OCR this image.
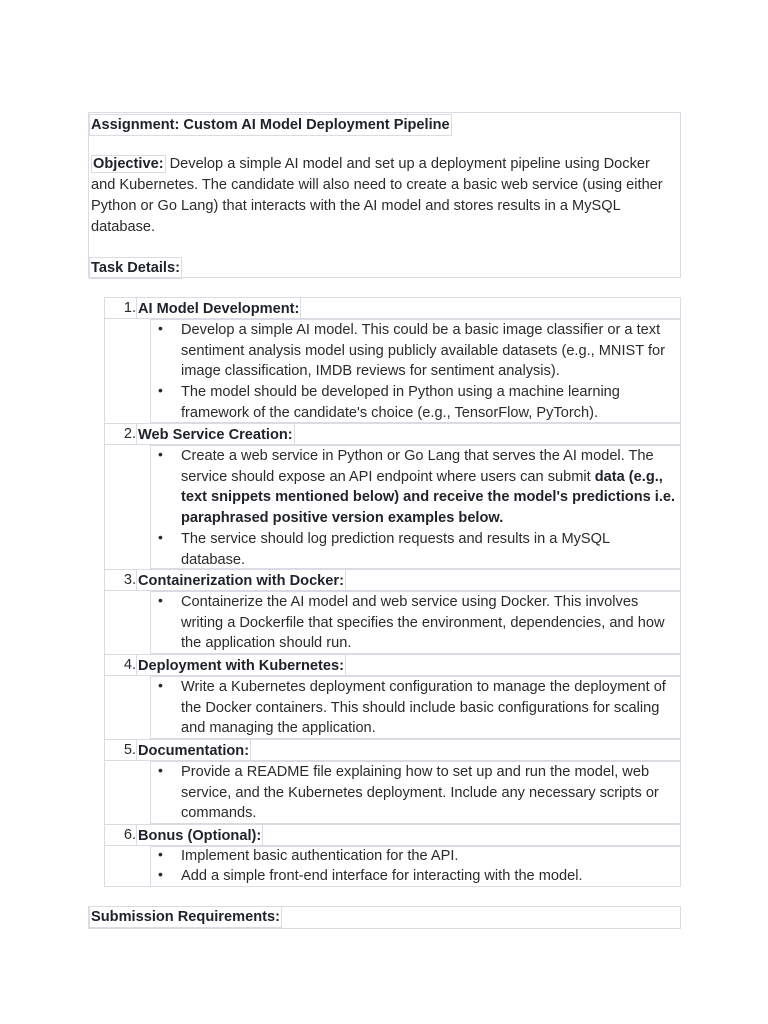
Assignment: Custom AI Model Deployment Pipeline

Objective: Develop a simple AI model and set up a deployment pipeline using Docker and Kubernetes. The candidate will also need to create a basic web service (using either Python or Go Lang) that interacts with the AI model and stores results in a MySQL database.

Task Details:
1. AI Model Development:
• Develop a simple AI model. This could be a basic image classifier or a text sentiment analysis model using publicly available datasets (e.g., MNIST for image classification, IMDB reviews for sentiment analysis).

• The model should be developed in Python using a machine learning framework of the candidate's choice (e.g., TensorFlow, PyTorch).

2. Web Service Creation:
• Create a web service in Python or Go Lang that serves the AI model. The service should expose an API endpoint where users can submit data (e.g., text snippets mentioned below) and receive the model's predictions i.e. paraphrased positive version examples below.

• The service should log prediction requests and results in a MySQL database.

3. Containerization with Docker:
• Containerize the AI model and web service using Docker. This involves writing a Dockerfile that specifies the environment, dependencies, and how the application should run.

4. Deployment with Kubernetes:
• Write a Kubernetes deployment configuration to manage the deployment of the Docker containers. This should include basic configurations for scaling and managing the application.

5. Documentation:
• Provide a README file explaining how to set up and run the model, web service, and the Kubernetes deployment. Include any necessary scripts or commands.

6. Bonus (Optional):
• Implement basic authentication for the API.

• Add a simple front-end interface for interacting with the model.

Submission Requirements:
